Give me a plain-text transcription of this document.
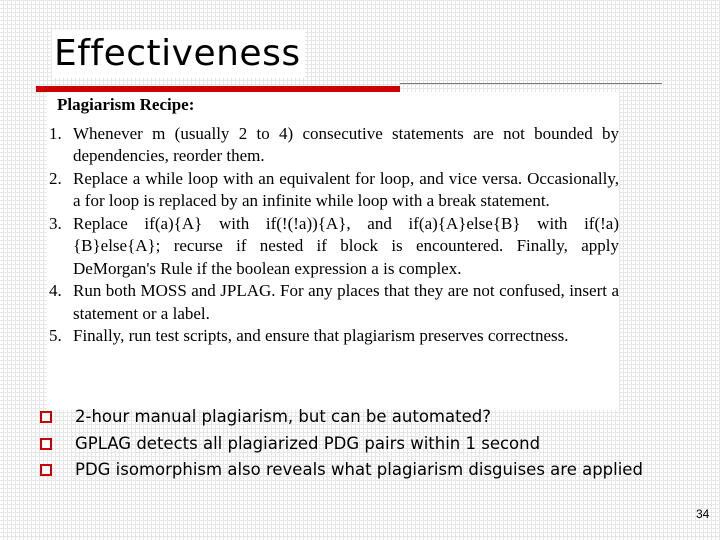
Effectiveness
Plagiarism Recipe:
1. Whenever m (usually 2 to 4) consecutive statements are not bounded by dependencies, reorder them.
2. Replace a while loop with an equivalent for loop, and vice versa. Occasionally, a for loop is replaced by an infinite while loop with a break statement.
3. Replace if(a){A} with if(!(!a)){A}, and if(a){A}else{B} with if(!a){B}else{A}; recurse if nested if block is encountered. Finally, apply DeMorgan's Rule if the boolean expression a is complex.
4. Run both MOSS and JPLAG. For any places that they are not confused, insert a statement or a label.
5. Finally, run test scripts, and ensure that plagiarism preserves correctness.
2-hour manual plagiarism, but can be automated?
GPLAG detects all plagiarized PDG pairs within 1 second
PDG isomorphism also reveals what plagiarism disguises are applied
34
